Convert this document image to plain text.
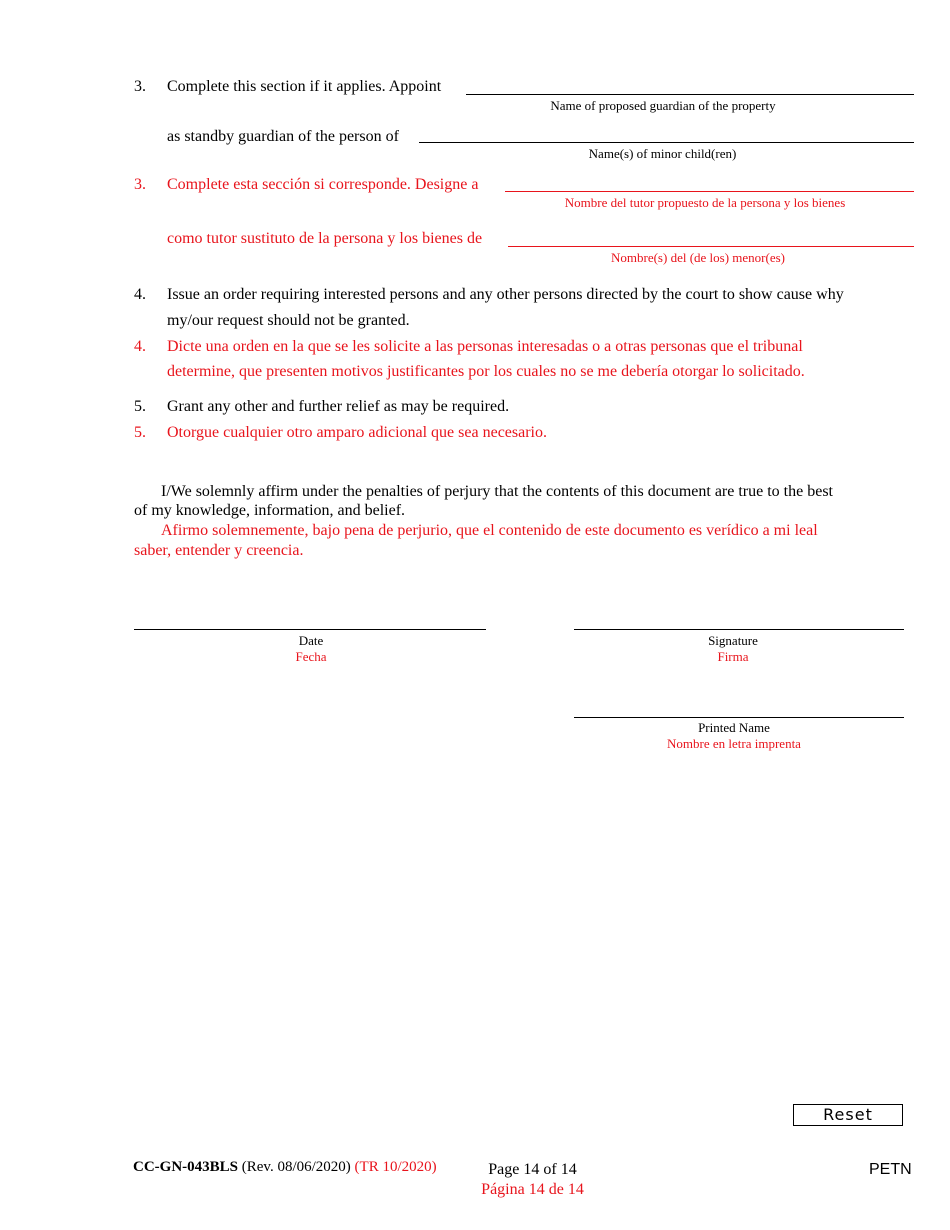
3. Complete this section if it applies. Appoint
Name of proposed guardian of the property
as standby guardian of the person of
Name(s) of minor child(ren)
3. Complete esta sección si corresponde. Designe a
Nombre del tutor propuesto de la persona y los bienes
como tutor sustituto de la persona y los bienes de
Nombre(s) del (de los) menor(es)
4. Issue an order requiring interested persons and any other persons directed by the court to show cause why
my/our request should not be granted.
4. Dicte una orden en la que se les solicite a las personas interesadas o a otras personas que el tribunal
determine, que presenten motivos justificantes por los cuales no se me debería otorgar lo solicitado.
5. Grant any other and further relief as may be required.
5. Otorgue cualquier otro amparo adicional que sea necesario.
I/We solemnly affirm under the penalties of perjury that the contents of this document are true to the best
of my knowledge, information, and belief.
Afirmo solemnemente, bajo pena de perjurio, que el contenido de este documento es verídico a mi leal
saber, entender y creencia.
Date
Fecha
Signature
Firma
Printed Name
Nombre en letra imprenta
Reset
CC-GN-043BLS (Rev. 08/06/2020) (TR 10/2020)	Page 14 of 14
Página 14 de 14
PETN
